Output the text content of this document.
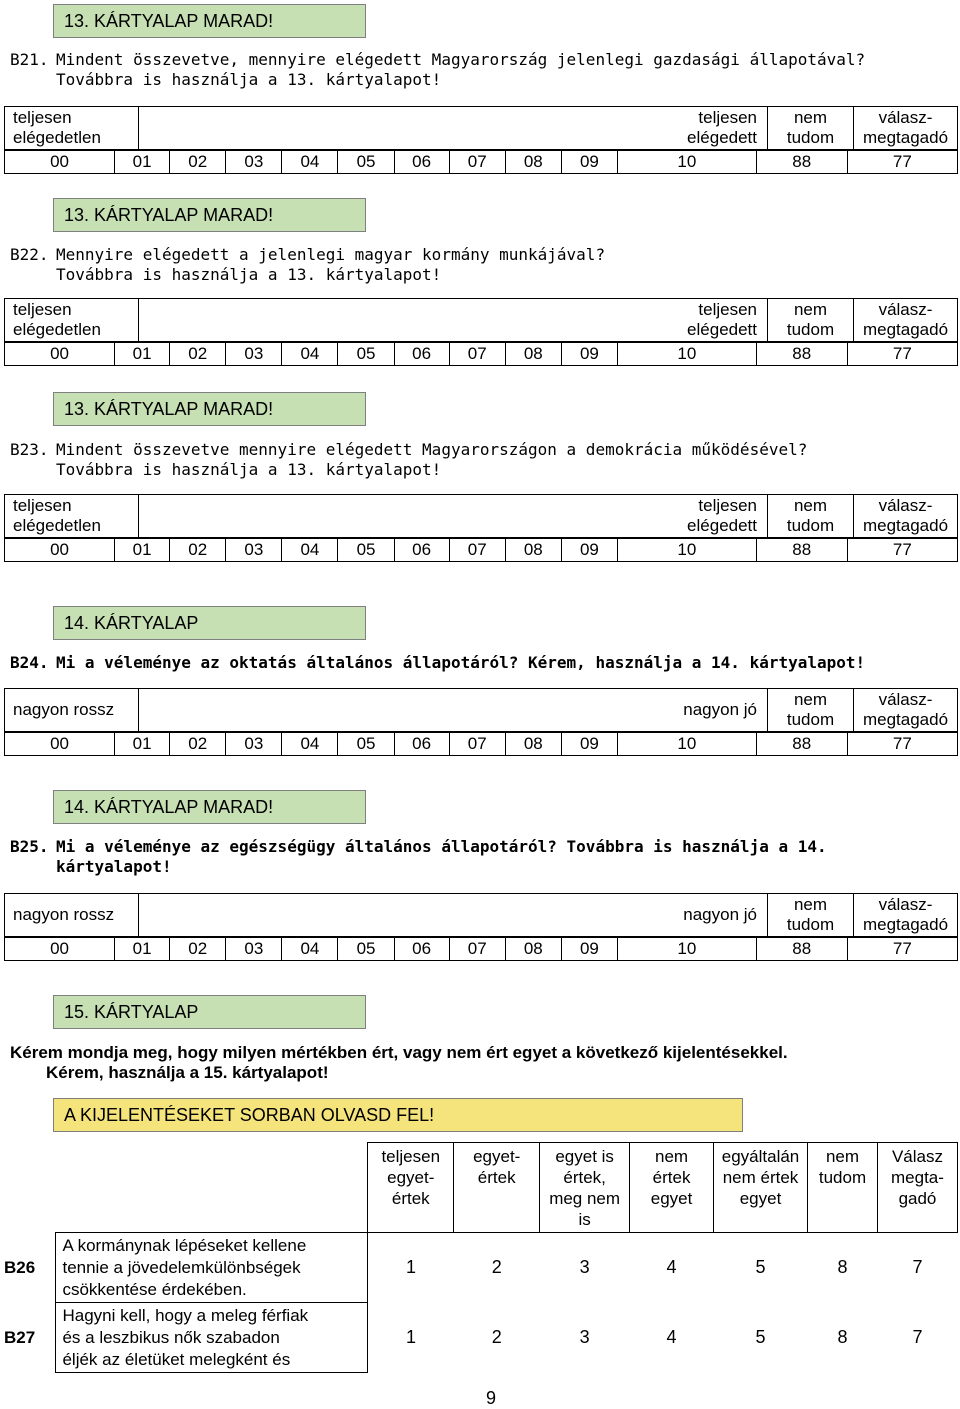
13. KÁRTYALAP MARAD!
B21. Mindent összevetve, mennyire elégedett Magyarország jelenlegi gazdasági állapotával?
Továbbra is használja a 13. kártyalapot!
teljesen
elégedetlen	teljesen
elégedett	nem
tudom	válasz-
megtagadó
00	01	02	03	04	05	06	07	08	09	10	88	77
13. KÁRTYALAP MARAD!
B22. Mennyire elégedett a jelenlegi magyar kormány munkájával?
Továbbra is használja a 13. kártyalapot!
teljesen
elégedetlen	teljesen
elégedett	nem
tudom	válasz-
megtagadó
00	01	02	03	04	05	06	07	08	09	10	88	77
13. KÁRTYALAP MARAD!
B23. Mindent összevetve mennyire elégedett Magyarországon a demokrácia működésével?
Továbbra is használja a 13. kártyalapot!
teljesen
elégedetlen	teljesen
elégedett	nem
tudom	válasz-
megtagadó
00	01	02	03	04	05	06	07	08	09	10	88	77
14. KÁRTYALAP
B24. Mi a véleménye az oktatás általános állapotáról? Kérem, használja a 14. kártyalapot!
nagyon rossz	nagyon jó	nem
tudom	válasz-
megtagadó
00	01	02	03	04	05	06	07	08	09	10	88	77
14. KÁRTYALAP MARAD!
B25. Mi a véleménye az egészségügy általános állapotáról? Továbbra is használja a 14.
kártyalapot!
nagyon rossz	nagyon jó	nem
tudom	válasz-
megtagadó
00	01	02	03	04	05	06	07	08	09	10	88	77
15. KÁRTYALAP
Kérem mondja meg, hogy milyen mértékben ért, vagy nem ért egyet a következő kijelentésekkel.
Kérem, használja a 15. kártyalapot!
A KIJELENTÉSEKET SORBAN OLVASD FEL!
		teljesen
egyet-
értek	egyet-
értek	egyet is
értek,
meg nem
is	nem
értek
egyet	egyáltalán
nem értek
egyet	nem
tudom	Válasz
megta-
gadó
B26	A kormánynak lépéseket kellene
tennie a jövedelemkülönbségek
csökkentése érdekében.	1	2	3	4	5	8	7
B27	Hagyni kell, hogy a meleg férfiak
és a leszbikus nők szabadon
éljék az életüket melegként és	1	2	3	4	5	8	7
9
